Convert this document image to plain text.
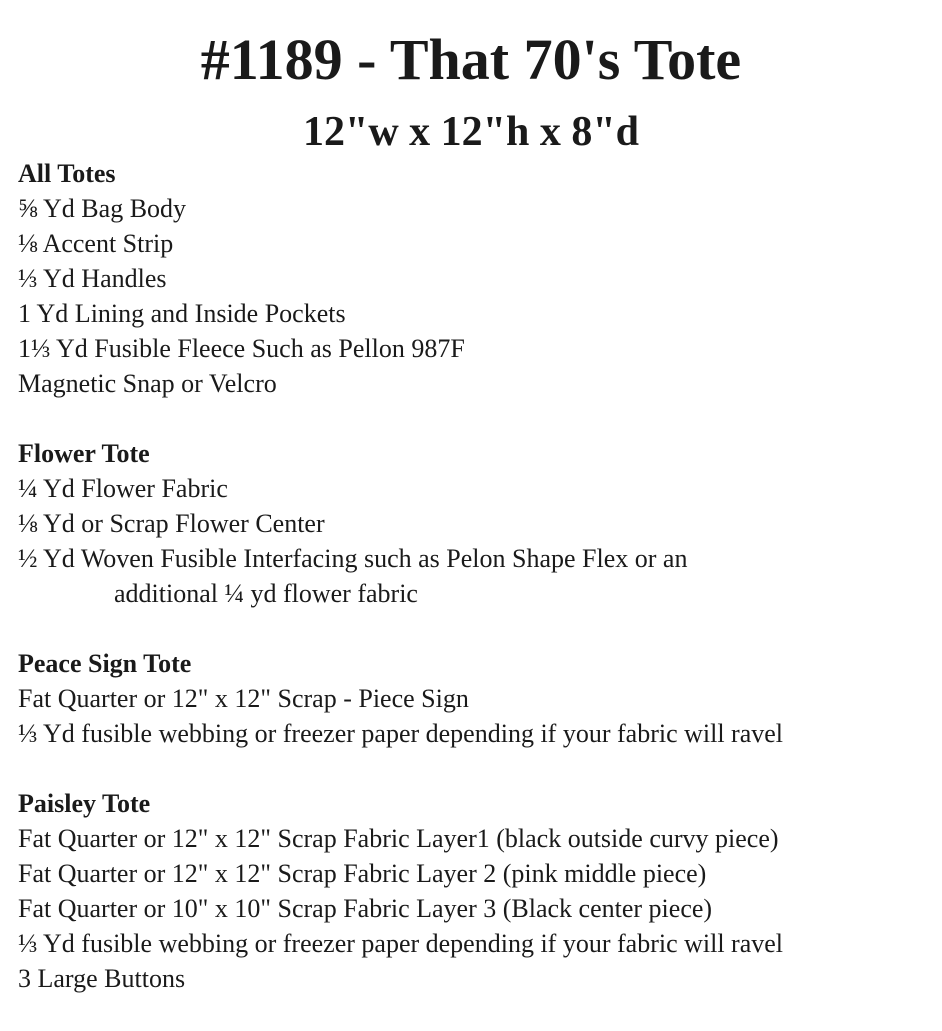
#1189 - That 70's Tote
12"w x 12"h x 8"d

All Totes

⅝ Yd Bag Body

⅛ Accent Strip

⅓ Yd Handles

1 Yd Lining and Inside Pockets

1⅓ Yd Fusible Fleece Such as Pellon 987F

Magnetic Snap or Velcro

Flower Tote

¼ Yd Flower Fabric

⅛ Yd or Scrap Flower Center

½ Yd Woven Fusible Interfacing such as Pelon Shape Flex or an

additional ¼ yd flower fabric

Peace Sign Tote

Fat Quarter or 12" x 12" Scrap - Piece Sign

⅓ Yd fusible webbing or freezer paper depending if your fabric will ravel

Paisley Tote

Fat Quarter or 12" x 12" Scrap Fabric Layer1 (black outside curvy piece)

Fat Quarter or 12" x 12" Scrap Fabric Layer 2 (pink middle piece)

Fat Quarter or 10" x 10" Scrap Fabric Layer 3 (Black center piece)

⅓ Yd fusible webbing or freezer paper depending if your fabric will ravel

3 Large Buttons
